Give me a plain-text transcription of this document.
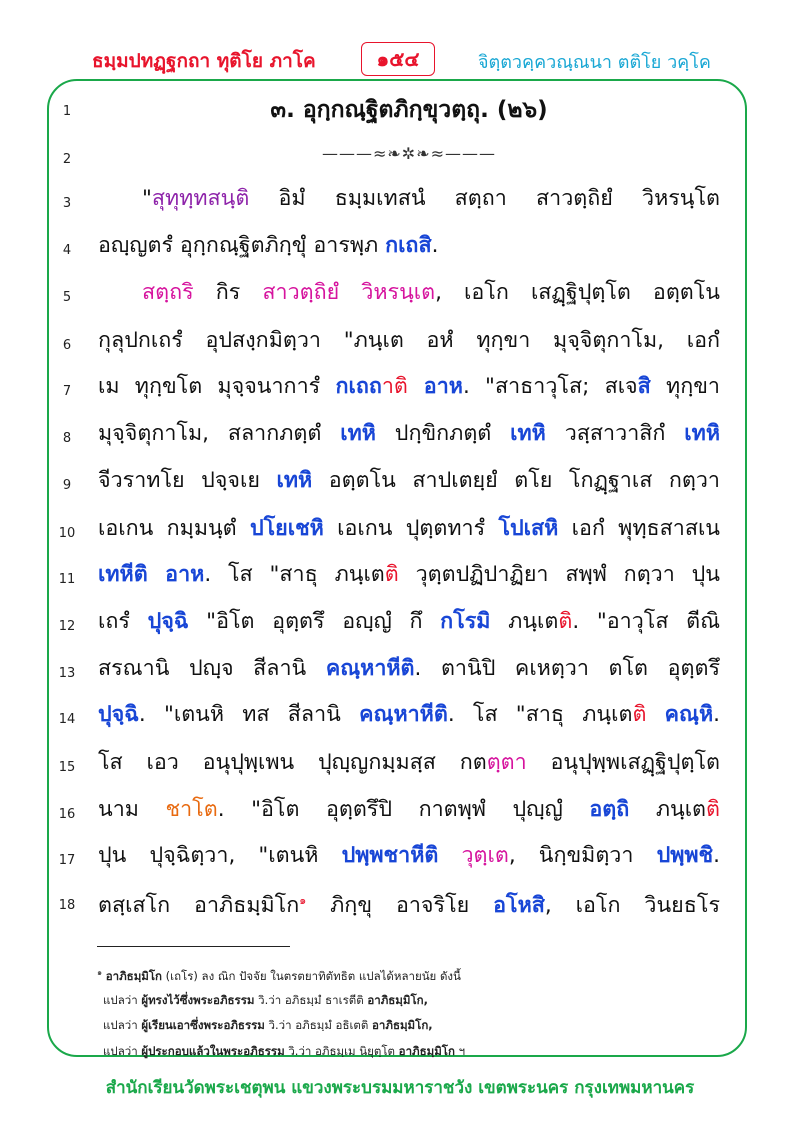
ธมฺมปทฏฺฐกถา ทุติโย ภาโค	๑๕๔	จิตฺตวคฺควณฺณนา ตติโย วคฺโค
1	๓. อุกฺกณฺฐิตภิกฺขุวตฺถุ. (๒๖)
2	———≈❧✲❧≈———
3	"สุทุทฺทสนฺติ อิมํ ธมฺมเทสนํ สตฺถา สาวตฺถิยํ วิหรนฺโต
4	อญฺญตรํ อุกฺกณฺฐิตภิกฺขุํ อารพฺภ กเถสิ.
5	สตฺถริ กิร สาวตฺถิยํ วิหรนฺเต, เอโก เสฏฺฐิปุตฺโต อตฺตโน
6	กุลุปกเถรํ อุปสงฺกมิตฺวา "ภนฺเต อหํ ทุกฺขา มุจฺจิตุกาโม, เอกํ
7	เม ทุกฺขโต มุจฺจนาการํ กเถถาติ อาห. "สาธาวุโส; สเจสิ ทุกฺขา
8	มุจฺจิตุกาโม, สลากภตฺตํ เทหิ ปกฺขิกภตฺตํ เทหิ วสฺสาวาสิกํ เทหิ
9	จีวราทโย ปจฺจเย เทหิ อตฺตโน สาปเตยฺยํ ตโย โกฏฺฐาเส กตฺวา
10	เอเกน กมฺมนฺตํ ปโยเชหิ เอเกน ปุตฺตทารํ โปเสหิ เอกํ พุทฺธสาสเน
11	เทหีติ อาห. โส "สาธุ ภนฺเตติ วุตฺตปฏิปาฏิยา สพฺพํ กตฺวา ปุน
12	เถรํ ปุจฺฉิ "อิโต อุตฺตรึ อญฺญํ กึ กโรมิ ภนฺเตติ. "อาวุโส ตีณิ
13	สรณานิ ปญฺจ สีลานิ คณฺหาหีติ. ตานิปิ คเหตฺวา ตโต อุตฺตรึ
14	ปุจฺฉิ. "เตนหิ ทส สีลานิ คณฺหาหีติ. โส "สาธุ ภนฺเตติ คณฺหิ.
15	โส เอว อนุปุพฺเพน ปุญฺญกมฺมสฺส กตตฺตา อนุปุพฺพเสฏฺฐิปุตฺโต
16	นาม ชาโต. "อิโต อุตฺตรึปิ กาตพฺพํ ปุญฺญํ อตฺถิ ภนฺเตติ
17	ปุน ปุจฺฉิตฺวา, "เตนหิ ปพฺพชาหีติ วุตฺเต, นิกฺขมิตฺวา ปพฺพชิ.
18	ตสฺเสโก อาภิธมฺมิโก$^๑$ ภิกฺขุ อาจริโย อโหสิ, เอโก วินยธโร
$^๑$ อาภิธมฺมิโก (เถโร) ลง ณิก ปัจจัย ในตรตยาทิตัทธิต แปลได้หลายนัย ดังนี้
แปลว่า ผู้ทรงไว้ซึ่งพระอภิธรรม วิ.ว่า อภิธมฺมํ ธาเรตีติ อาภิธมฺมิโก,
แปลว่า ผู้เรียนเอาซึ่งพระอภิธรรม วิ.ว่า อภิธมฺมํ อธิเตติ อาภิธมฺมิโก,
แปลว่า ผู้ประกอบแล้วในพระอภิธรรม วิ.ว่า อภิธมฺเม นิยุตฺโต อาภิธมฺมิโก ฯ
สำนักเรียนวัดพระเชตุพน แขวงพระบรมมหาราชวัง เขตพระนคร กรุงเทพมหานคร
